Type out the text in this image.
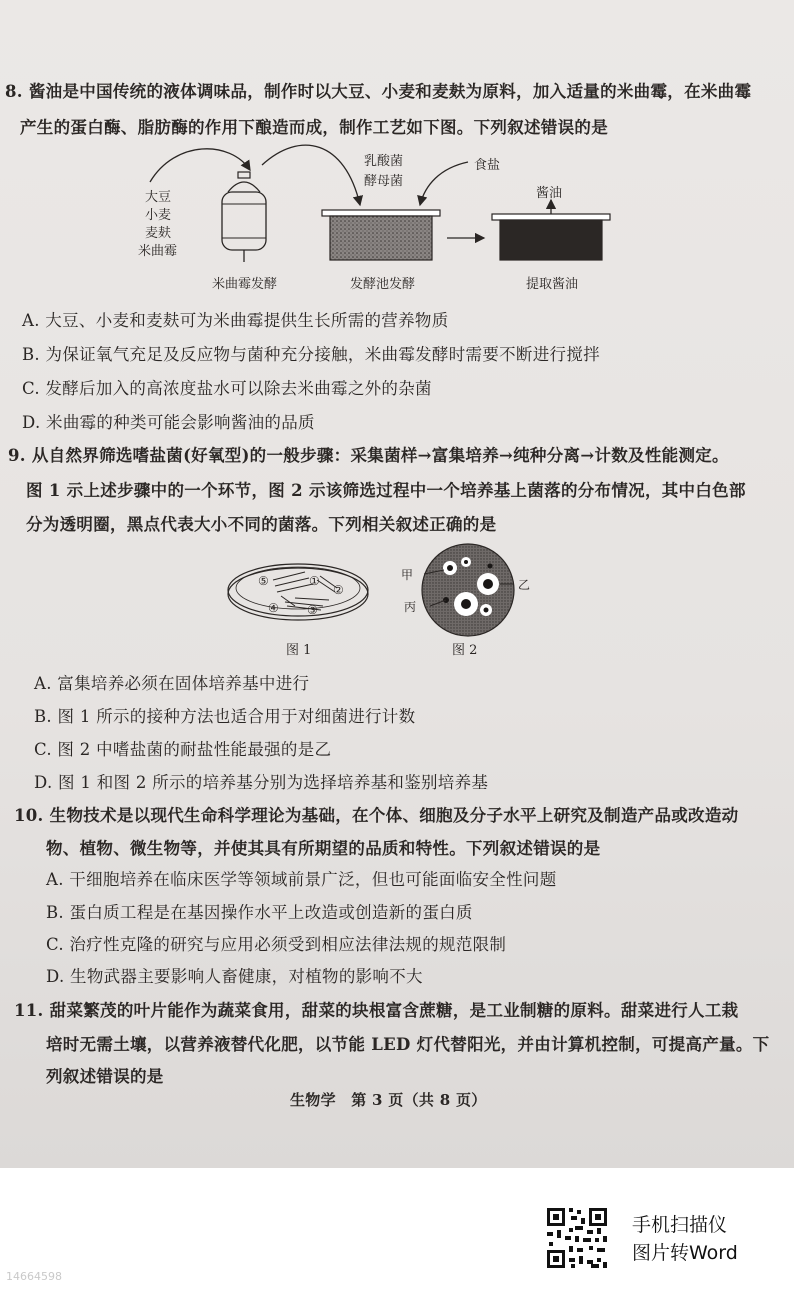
8. 酱油是中国传统的液体调味品，制作时以大豆、小麦和麦麸为原料，加入适量的米曲霉，在米曲霉
产生的蛋白酶、脂肪酶的作用下酿造而成，制作工艺如下图。下列叙述错误的是
大豆
小麦
麦麸
米曲霉
乳酸菌
酵母菌
食盐
酱油
米曲霉发酵	发酵池发酵	提取酱油
A. 大豆、小麦和麦麸可为米曲霉提供生长所需的营养物质
B. 为保证氧气充足及反应物与菌种充分接触，米曲霉发酵时需要不断进行搅拌
C. 发酵后加入的高浓度盐水可以除去米曲霉之外的杂菌
D. 米曲霉的种类可能会影响酱油的品质
9. 从自然界筛选嗜盐菌(好氧型)的一般步骤：采集菌样→富集培养→纯种分离→计数及性能测定。
图 1 示上述步骤中的一个环节，图 2 示该筛选过程中一个培养基上菌落的分布情况，其中白色部
分为透明圈，黑点代表大小不同的菌落。下列相关叙述正确的是
⑤	①
②
④ ③
图 1
甲
乙
丙
图 2
A. 富集培养必须在固体培养基中进行
B. 图 1 所示的接种方法也适合用于对细菌进行计数
C. 图 2 中嗜盐菌的耐盐性能最强的是乙
D. 图 1 和图 2 所示的培养基分别为选择培养基和鉴别培养基
10. 生物技术是以现代生命科学理论为基础，在个体、细胞及分子水平上研究及制造产品或改造动
物、植物、微生物等，并使其具有所期望的品质和特性。下列叙述错误的是
A. 干细胞培养在临床医学等领域前景广泛，但也可能面临安全性问题
B. 蛋白质工程是在基因操作水平上改造或创造新的蛋白质
C. 治疗性克隆的研究与应用必须受到相应法律法规的规范限制
D. 生物武器主要影响人畜健康，对植物的影响不大
11. 甜菜繁茂的叶片能作为蔬菜食用，甜菜的块根富含蔗糖，是工业制糖的原料。甜菜进行人工栽
培时无需土壤，以营养液替代化肥，以节能 LED 灯代替阳光，并由计算机控制，可提高产量。下
列叙述错误的是
生物学　第 3 页（共 8 页）
手机扫描仪
图片转Word
14664598
